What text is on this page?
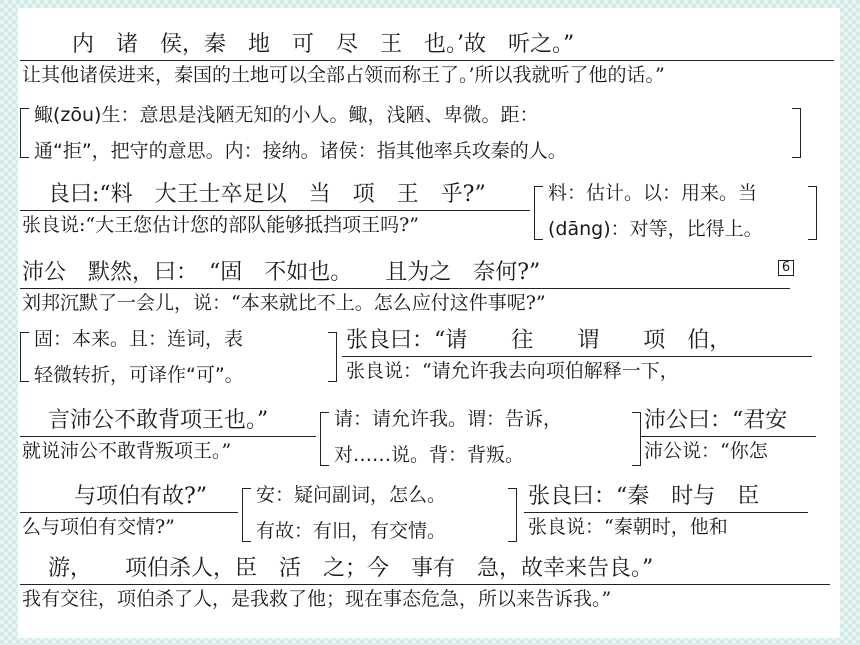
内　诸　侯，秦　地　可　尽　王　也。’故　听之。”
让其他诸侯进来，秦国的土地可以全部占领而称王了。’所以我就听了他的话。”
鲰(zōu)生：意思是浅陋无知的小人。鲰，浅陋、卑微。距：
通“拒”，把守的意思。内：接纳。诸侯：指其他率兵攻秦的人。
良曰:“料　大王士卒足以　当　项　王　乎?”
张良说:“大王您估计您的部队能够抵挡项王吗?”
料：估计。以：用来。当
(dāng)：对等，比得上。
沛公　默然，曰：　“固　不如也。　　且为之　奈何?”	6
刘邦沉默了一会儿，说：“本来就比不上。怎么应付这件事呢?”
固：本来。且：连词，表
轻微转折，可译作“可”。
张良曰：“请　　往　　谓　　项　伯，
张良说：“请允许我去向项伯解释一下，
言沛公不敢背项王也。”
就说沛公不敢背叛项王。”
请：请允许我。谓：告诉，
对……说。背：背叛。
沛公曰：“君安
沛公说：“你怎
与项伯有故?”
么与项伯有交情?”
安：疑问副词，怎么。
有故：有旧，有交情。
张良曰：“秦　时与　臣
张良说：“秦朝时，他和
游，　　项伯杀人，臣　活　之；今　事有　急，故幸来告良。”
我有交往，项伯杀了人，是我救了他；现在事态危急，所以来告诉我。”
